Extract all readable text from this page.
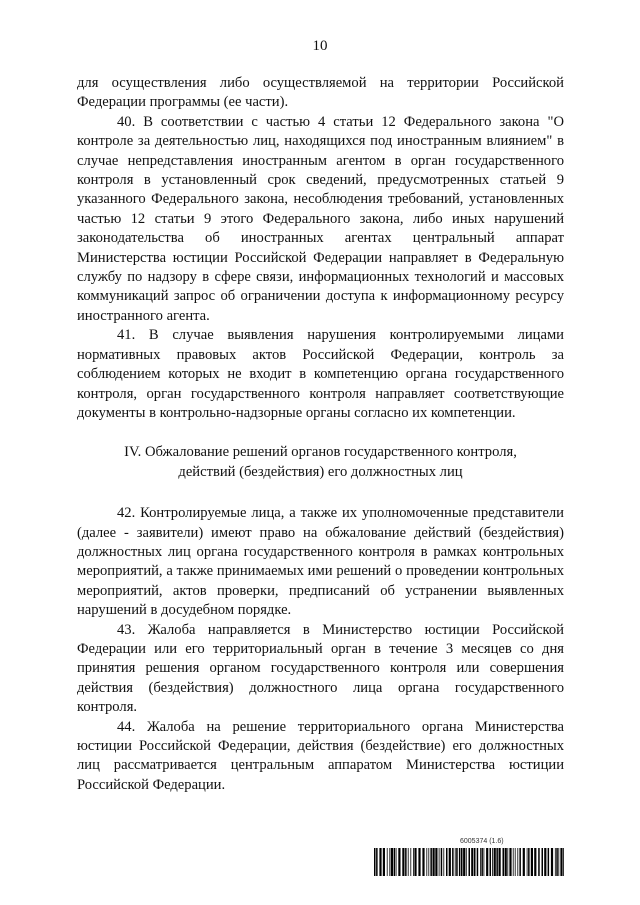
10

для осуществления либо осуществляемой на территории Российской Федерации программы (ее части).

40. В соответствии с частью 4 статьи 12 Федерального закона "О контроле за деятельностью лиц, находящихся под иностранным влиянием" в случае непредставления иностранным агентом в орган государственного контроля в установленный срок сведений, предусмотренных статьей 9 указанного Федерального закона, несоблюдения требований, установленных частью 12 статьи 9 этого Федерального закона, либо иных нарушений законодательства об иностранных агентах центральный аппарат Министерства юстиции Российской Федерации направляет в Федеральную службу по надзору в сфере связи, информационных технологий и массовых коммуникаций запрос об ограничении доступа к информационному ресурсу иностранного агента.

41. В случае выявления нарушения контролируемыми лицами нормативных правовых актов Российской Федерации, контроль за соблюдением которых не входит в компетенцию органа государственного контроля, орган государственного контроля направляет соответствующие документы в контрольно-надзорные органы согласно их компетенции.

IV. Обжалование решений органов государственного контроля,
действий (бездействия) его должностных лиц

42. Контролируемые лица, а также их уполномоченные представители (далее - заявители) имеют право на обжалование действий (бездействия) должностных лиц органа государственного контроля в рамках контрольных мероприятий, а также принимаемых ими решений о проведении контрольных мероприятий, актов проверки, предписаний об устранении выявленных нарушений в досудебном порядке.

43. Жалоба направляется в Министерство юстиции Российской Федерации или его территориальный орган в течение 3 месяцев со дня принятия решения органом государственного контроля или совершения действия (бездействия) должностного лица органа государственного контроля.

44. Жалоба на решение территориального органа Министерства юстиции Российской Федерации, действия (бездействие) его должностных лиц рассматривается центральным аппаратом Министерства юстиции Российской Федерации.

6005374 (1.6)
